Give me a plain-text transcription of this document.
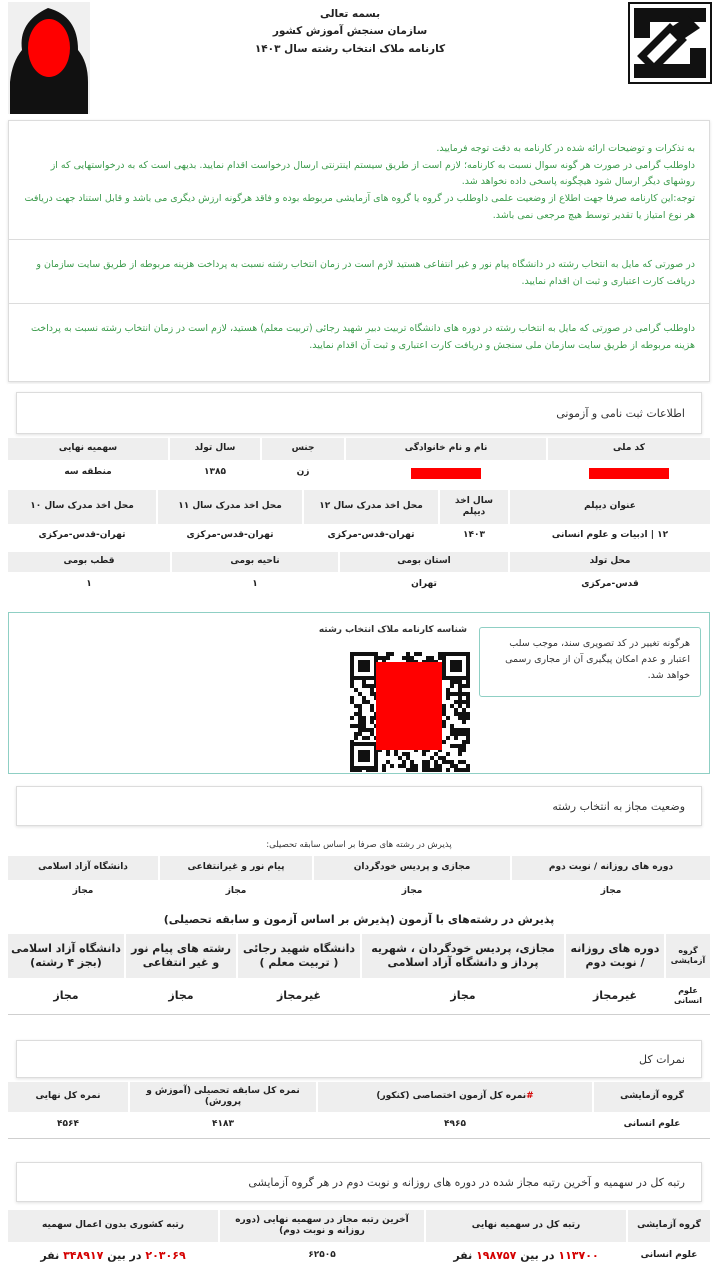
بسمه تعالی
سازمان سنجش آموزش کشور
کارنامه ملاک انتخاب رشته سال ۱۴۰۳
به تذکرات و توضیحات ارائه شده در کارنامه به دقت توجه فرمایید.
داوطلب گرامی در صورت هر گونه سوال نسبت به کارنامه؛ لازم است از طریق سیستم اینترنتی ارسال درخواست اقدام نمایید. بدیهی است که به درخواستهایی که از روشهای دیگر ارسال شود هیچگونه پاسخی داده نخواهد شد.
توجه:این کارنامه صرفا جهت اطلاع از وضعیت علمی داوطلب در گروه یا گروه های آزمایشی مربوطه بوده و فاقد هرگونه ارزش دیگری می باشد و قابل استناد جهت دریافت هر نوع امتیاز یا تقدیر توسط هیچ مرجعی نمی باشد.
در صورتی که مایل به انتخاب رشته در دانشگاه پیام نور و غیر انتفاعی هستید لازم است در زمان انتخاب رشته نسبت به پرداخت هزینه مربوطه از طریق سایت سازمان و دریافت کارت اعتباری و ثبت ان اقدام نمایید.
داوطلب گرامی در صورتی که مایل به انتخاب رشته در دوره های دانشگاه تربیت دبیر شهید رجائی (تربیت معلم) هستید، لازم است در زمان انتخاب رشته نسبت به پرداخت هزینه مربوطه از طریق سایت سازمان ملی سنجش و دریافت کارت اعتباری و ثبت آن اقدام نمایید.
اطلاعات ثبت نامی و آزمونی
کد ملی
نام و نام خانوادگی
جنس
سال تولد
سهمیه نهایی
زن
۱۳۸۵
منطقه سه
عنوان دیپلم
سال اخذ دیپلم
محل اخذ مدرک سال ۱۲
محل اخذ مدرک سال ۱۱
محل اخذ مدرک سال ۱۰
۱۲ | ادبیات و علوم انسانی
۱۴۰۳
تهران-قدس-مرکزی
تهران-قدس-مرکزی
تهران-قدس-مرکزی
محل تولد
استان بومی
ناحیه بومی
قطب بومی
قدس-مرکزی
تهران
۱
۱
هرگونه تغییر در کد تصویری سند، موجب سلب اعتبار و عدم امکان پیگیری آن از مجاری رسمی خواهد شد.
شناسه کارنامه ملاک انتخاب رشته
وضعیت مجاز به انتخاب رشته
پذیرش در رشته های صرفا بر اساس سابقه تحصیلی:
دوره های روزانه / نوبت دوم
مجازی و پردیس خودگردان
پیام نور و غیرانتفاعی
دانشگاه آزاد اسلامی
مجاز
مجاز
مجاز
مجاز
پذیرش در رشته‌های با آزمون (پذیرش بر اساس آزمون و سابقه تحصیلی)
گروه آزمایشی
دوره های روزانه / نوبت دوم
مجازی، پردیس خودگردان ، شهریه پرداز و دانشگاه آزاد اسلامی
دانشگاه شهید رجائی ( تربیت معلم )
رشته های پیام نور و غیر انتفاعی
دانشگاه آزاد اسلامی (بجز ۴ رشته)
علوم انسانی
غیرمجاز
مجاز
غیرمجاز
مجاز
مجاز
نمرات کل
گروه آزمایشی
#
نمره کل آزمون اختصاصی (کنکور)
نمره کل سابقه تحصیلی (آموزش و پرورش)
نمره کل نهایی
علوم انسانی
۴۹۶۵
۴۱۸۳
۴۵۶۴
رتبه کل در سهمیه و آخرین رتبه مجاز شده در دوره های روزانه و نوبت دوم در هر گروه آزمایشی
گروه آزمایشی
رتبه کل در سهمیه نهایی
آخرین رتبه مجاز در سهمیه نهایی (دوره روزانه و نوبت دوم)
رتبه کشوری بدون اعمال سهمیه
علوم انسانی
۱۱۳۷۰۰

در بین

۱۹۸۷۵۷

نفر
۶۲۵۰۵
۲۰۳۰۶۹

در بین

۳۴۸۹۱۷

نفر
